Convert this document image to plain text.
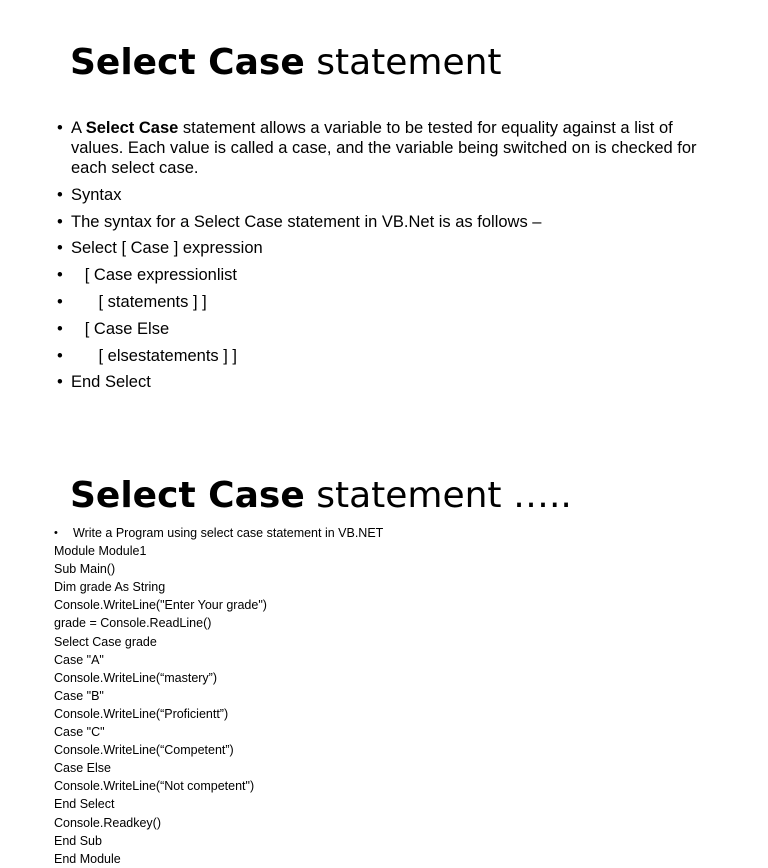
Select Case statement
• A Select Case statement allows a variable to be tested for equality against a list of values. Each value is called a case, and the variable being switched on is checked for each select case.
• Syntax
• The syntax for a Select Case statement in VB.Net is as follows –
• Select [ Case ] expression
• [ Case expressionlist
• [ statements ] ]
• [ Case Else
• [ elsestatements ] ]
• End Select
Select Case statement …..
• Write a Program using select case statement in VB.NET
Module Module1
Sub Main()
Dim grade As String
Console.WriteLine("Enter Your grade")
grade = Console.ReadLine()
Select Case grade
Case "A"
Console.WriteLine(“mastery”)
Case "B"
Console.WriteLine(“Proficientt”)
Case "C"
Console.WriteLine(“Competent”)
Case Else
Console.WriteLine(“Not competent")
End Select
Console.Readkey()
End Sub
End Module
